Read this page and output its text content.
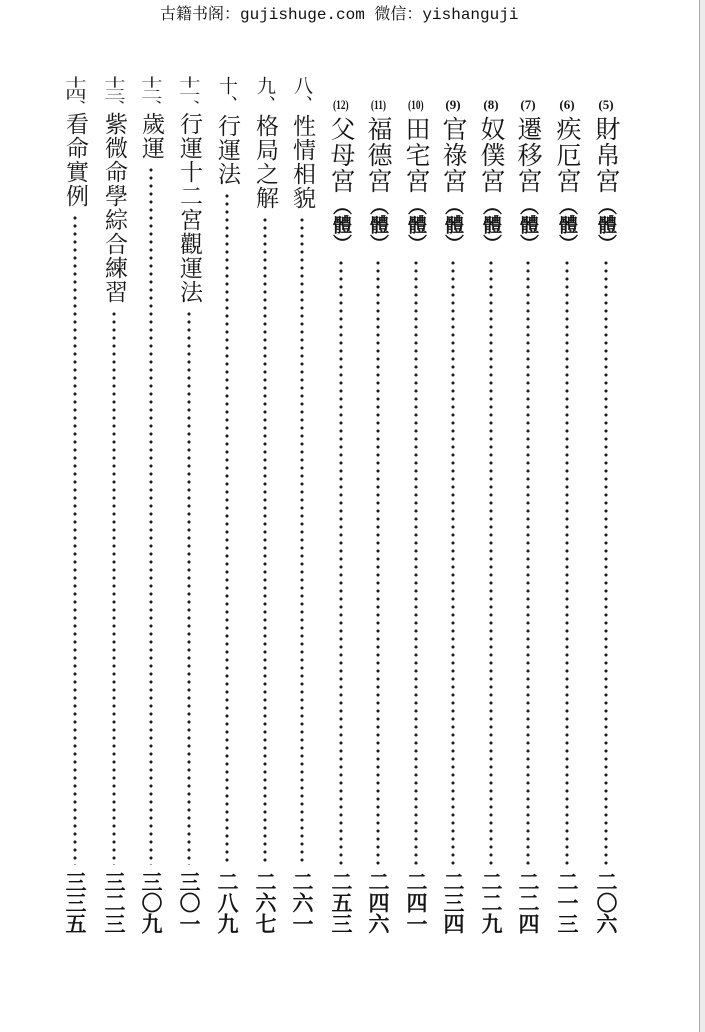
古籍书阁：gujishuge.com 微信：yishanguji
(5)
財帛宮
（體）
二〇六
(6)
疾厄宮
（體）
二一三
(7)
遷移宮
（體）
二二四
(8)
奴僕宮
（體）
二二九
(9)
官祿宮
（體）
二三四
(10)
田宅宮
（體）
二四一
(11)
福德宮
（體）
二四六
(12)
父母宮
（體）
二五三
八、
性情相貌
二六一
九、
格局之解
二六七
十、
行運法
二八九
十一、
行運十二宮觀運法
三〇一
十二、
歲運
三〇九
十三、
紫微命學綜合練習
三二三
十四、
看命實例
三三五
